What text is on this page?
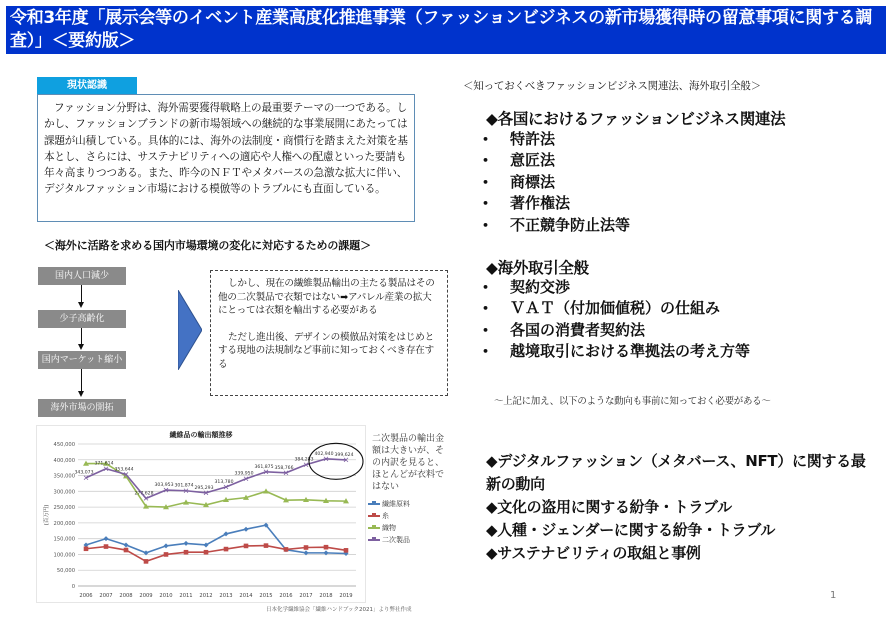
令和3年度「展示会等のイベント産業高度化推進事業（ファッションビジネスの新市場獲得時の留意事項に関する調査）」＜要約版＞
現状認識
ファッション分野は、海外需要獲得戦略上の最重要テーマの一つである。しかし、ファッションブランドの新市場領域への継続的な事業展開にあたっては課題が山積している。具体的には、海外の法制度・商慣行を踏まえた対策を基本とし、さらには、サステナビリティへの適応や人権への配慮といった要請も年々高まりつつある。また、昨今のＮＦＴやメタバースの急激な拡大に伴い、デジタルファッション市場における模倣等のトラブルにも直面している。
＜海外に活路を求める国内市場環境の変化に対応するための課題＞
国内人口減少
少子高齢化
国内マーケット縮小
海外市場の開拓

しかし、現在の繊維製品輸出の主たる製品はその他の二次製品で衣類ではない➡アパレル産業の拡大にとっては衣類を輸出する必要がある

ただし進出後、デザインの模倣品対策をはじめとする現地の法規制など事前に知っておくべき存在する

繊維品の輸出額推移
0
50,000
100,000
150,000
200,000
250,000
300,000
350,000
400,000
450,000
(百万円)
2006 2007 2008 2009 2010 2011 2012 2013 2014 2015 2016 2017 2018 2019
343,073
371,614
353,644
277,628
303,953 301,874 295,293
313,780
339,950
361,875 358,766
384,283
402,940 399,624
二次製品の輸出金額は大きいが、その内訳を見ると、ほとんどが衣料ではない
繊維原料
糸
織物
二次製品
日本化学繊維協会「繊維ハンドブック2021」より弊社作成
＜知っておくべきファッションビジネス関連法、海外取引全般＞
◆各国におけるファッションビジネス関連法
•	特許法
•	意匠法
•	商標法
•	著作権法
•	不正競争防止法等
◆海外取引全般
•	契約交渉
•	ＶＡＴ（付加価値税）の仕組み
•	各国の消費者契約法
•	越境取引における準拠法の考え方等
～上記に加え、以下のような動向も事前に知っておく必要がある～
◆デジタルファッション（メタバース、NFT）に関する最新の動向
◆文化の盗用に関する紛争・トラブル
◆人種・ジェンダーに関する紛争・トラブル
◆サステナビリティの取組と事例
1
